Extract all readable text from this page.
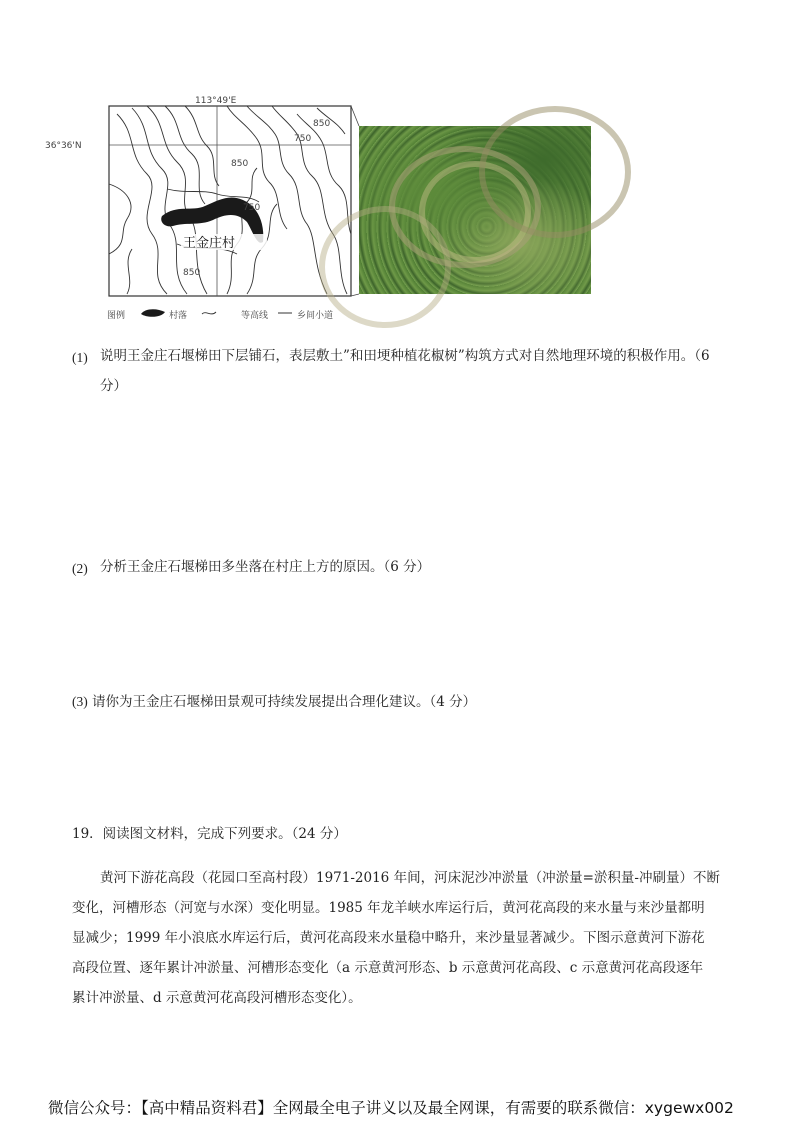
王金庄村
850
750
850
750
850
113°49'E
36°36'N
图例	村落	等高线	乡间小道
(1) 说明王金庄石堰梯田下层铺石，表层敷土”和田埂种植花椒树”构筑方式对自然地理环境的积极作用。（6
分）
(2) 分析王金庄石堰梯田多坐落在村庄上方的原因。（6 分）
(3) 请你为王金庄石堰梯田景观可持续发展提出合理化建议。（4 分）
19．阅读图文材料，完成下列要求。（24 分）
黄河下游花高段（花园口至高村段）1971-2016 年间，河床泥沙冲淤量（冲淤量=淤积量-冲刷量）不断
变化，河槽形态（河宽与水深）变化明显。1985 年龙羊峡水库运行后，黄河花高段的来水量与来沙量都明
显减少；1999 年小浪底水库运行后，黄河花高段来水量稳中略升，来沙量显著减少。下图示意黄河下游花
高段位置、逐年累计冲淤量、河槽形态变化（a 示意黄河形态、b 示意黄河花高段、c 示意黄河花高段逐年
累计冲淤量、d 示意黄河花高段河槽形态变化）。
微信公众号：【高中精品资料君】全网最全电子讲义以及最全网课，有需要的联系微信：xygewx002
